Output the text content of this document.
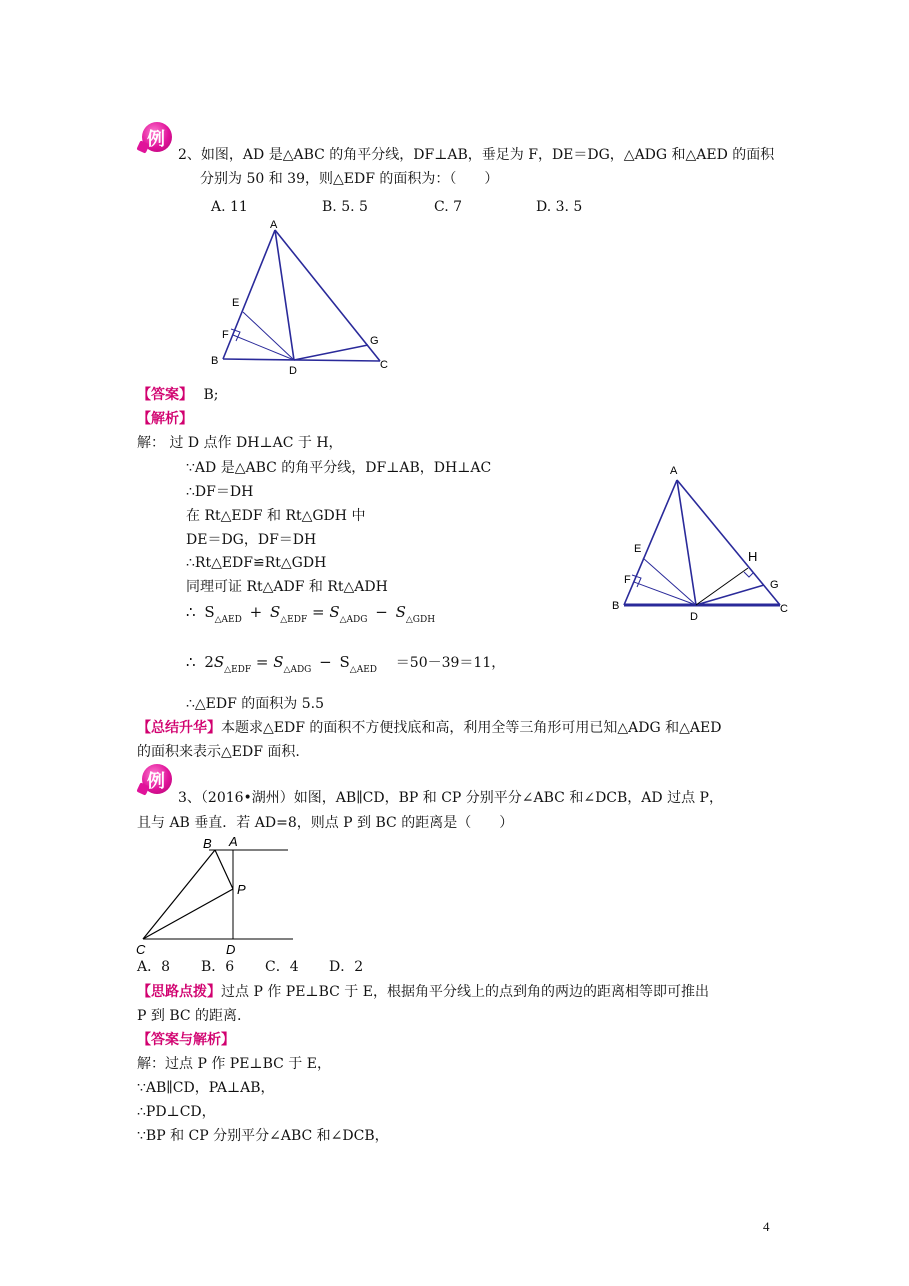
例
2、如图，AD 是△ABC 的角平分线，DF⊥AB，垂足为 F，DE＝DG，△ADG 和△AED 的面积
分别为 50 和 39，则△EDF 的面积为：（　　）
A. 11	B. 5. 5	C. 7	D. 3. 5
A
E
F
B
D
G
C
【答案】 B;
【解析】
解： 过 D 点作 DH⊥AC 于 H，
∵AD 是△ABC 的角平分线，DF⊥AB，DH⊥AC
∴DF＝DH
在 Rt△EDF 和 Rt△GDH 中
DE＝DG，DF＝DH
∴Rt△EDF≌Rt△GDH
同理可证 Rt△ADF 和 Rt△ADH
∴ $S_{\triangle AED} + S_{\triangle EDF} = S_{\triangle ADG} - S_{\triangle GDH}$
∴ $2S_{\triangle EDF} = S_{\triangle ADG} - S_{\triangle AED} =50-39=11$，
∴△EDF 的面积为 5.5
A
E
F
B
D
H
G
C
【总结升华】本题求△EDF 的面积不方便找底和高，利用全等三角形可用已知△ADG 和△AED
的面积来表示△EDF 面积.
例
3、（2016•湖州）如图，AB∥CD，BP 和 CP 分别平分∠ABC 和∠DCB，AD 过点 P，
且与 AB 垂直．若 AD=8，则点 P 到 BC 的距离是（　　）
B A
P
C	D
A．8 B．6 C．4 D．2
【思路点拨】过点 P 作 PE⊥BC 于 E，根据角平分线上的点到角的两边的距离相等即可推出
P 到 BC 的距离.
【答案与解析】
解：过点 P 作 PE⊥BC 于 E，
∵AB∥CD，PA⊥AB，
∴PD⊥CD，
∵BP 和 CP 分别平分∠ABC 和∠DCB，
4
